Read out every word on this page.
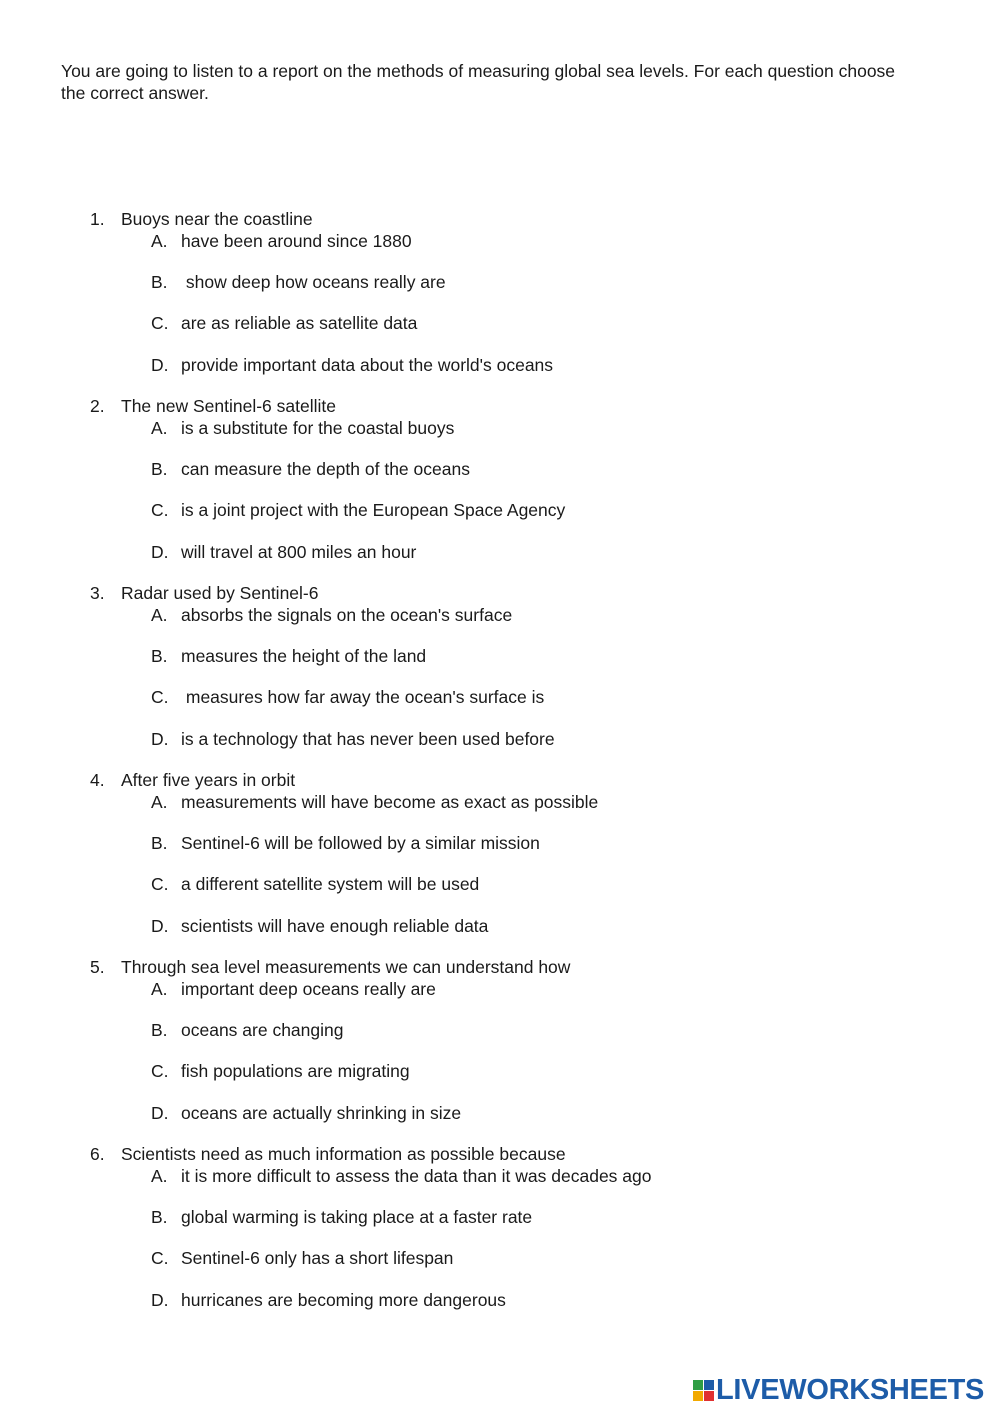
You are going to listen to a report on the methods of measuring global sea levels. For each question choose the correct answer.
1. Buoys near the coastline
A. have been around since 1880
B. show deep how oceans really are
C. are as reliable as satellite data
D. provide important data about the world's oceans
2. The new Sentinel-6 satellite
A. is a substitute for the coastal buoys
B. can measure the depth of the oceans
C. is a joint project with the European Space Agency
D. will travel at 800 miles an hour
3. Radar used by Sentinel-6
A. absorbs the signals on the ocean's surface
B. measures the height of the land
C. measures how far away the ocean's surface is
D. is a technology that has never been used before
4. After five years in orbit
A. measurements will have become as exact as possible
B. Sentinel-6 will be followed by a similar mission
C. a different satellite system will be used
D. scientists will have enough reliable data
5. Through sea level measurements we can understand how
A. important deep oceans really are
B. oceans are changing
C. fish populations are migrating
D. oceans are actually shrinking in size
6. Scientists need as much information as possible because
A. it is more difficult to assess the data than it was decades ago
B. global warming is taking place at a faster rate
C. Sentinel-6 only has a short lifespan
D. hurricanes are becoming more dangerous
LIVEWORKSHEETS
